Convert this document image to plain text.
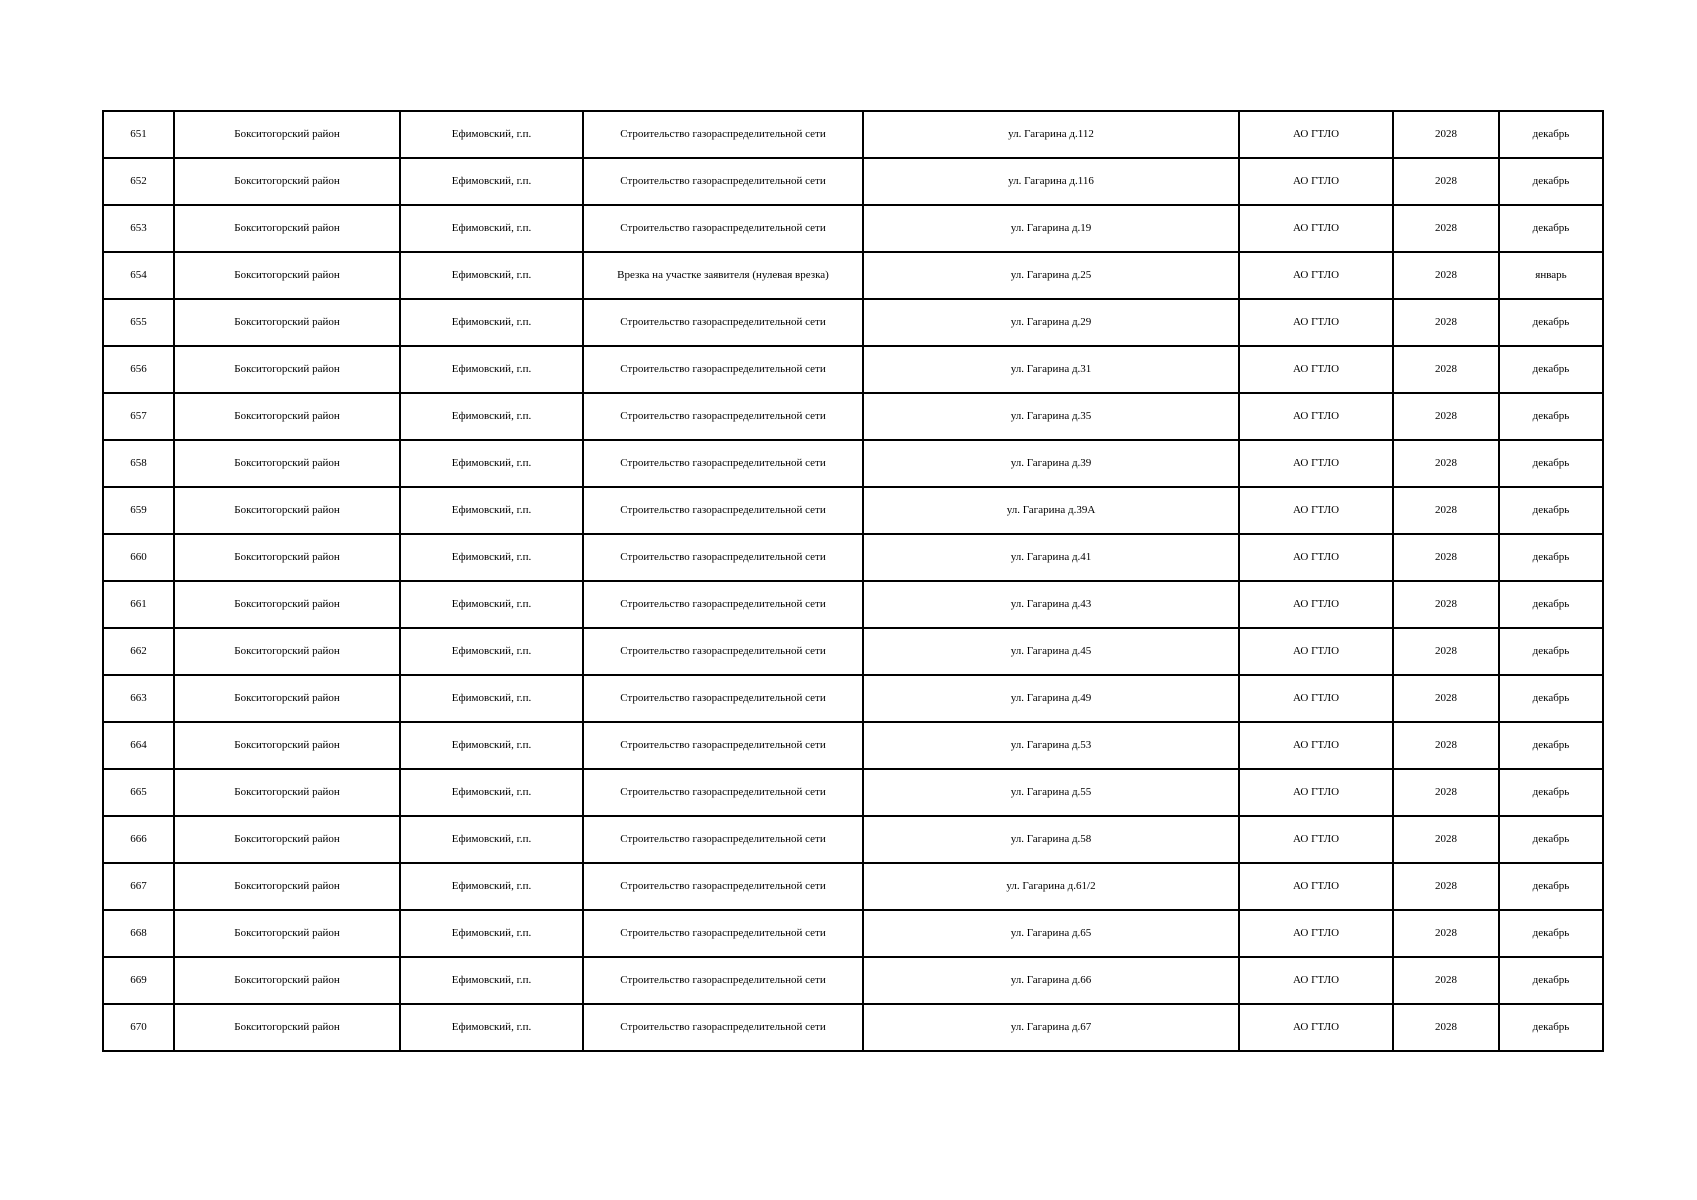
651	Бокситогорский район	Ефимовский, г.п.	Строительство газораспределительной сети	ул. Гагарина д.112	АО ГТЛО	2028	декабрь
652	Бокситогорский район	Ефимовский, г.п.	Строительство газораспределительной сети	ул. Гагарина д.116	АО ГТЛО	2028	декабрь
653	Бокситогорский район	Ефимовский, г.п.	Строительство газораспределительной сети	ул. Гагарина д.19	АО ГТЛО	2028	декабрь
654	Бокситогорский район	Ефимовский, г.п.	Врезка на участке заявителя (нулевая врезка)	ул. Гагарина д.25	АО ГТЛО	2028	январь
655	Бокситогорский район	Ефимовский, г.п.	Строительство газораспределительной сети	ул. Гагарина д.29	АО ГТЛО	2028	декабрь
656	Бокситогорский район	Ефимовский, г.п.	Строительство газораспределительной сети	ул. Гагарина д.31	АО ГТЛО	2028	декабрь
657	Бокситогорский район	Ефимовский, г.п.	Строительство газораспределительной сети	ул. Гагарина д.35	АО ГТЛО	2028	декабрь
658	Бокситогорский район	Ефимовский, г.п.	Строительство газораспределительной сети	ул. Гагарина д.39	АО ГТЛО	2028	декабрь
659	Бокситогорский район	Ефимовский, г.п.	Строительство газораспределительной сети	ул. Гагарина д.39А	АО ГТЛО	2028	декабрь
660	Бокситогорский район	Ефимовский, г.п.	Строительство газораспределительной сети	ул. Гагарина д.41	АО ГТЛО	2028	декабрь
661	Бокситогорский район	Ефимовский, г.п.	Строительство газораспределительной сети	ул. Гагарина д.43	АО ГТЛО	2028	декабрь
662	Бокситогорский район	Ефимовский, г.п.	Строительство газораспределительной сети	ул. Гагарина д.45	АО ГТЛО	2028	декабрь
663	Бокситогорский район	Ефимовский, г.п.	Строительство газораспределительной сети	ул. Гагарина д.49	АО ГТЛО	2028	декабрь
664	Бокситогорский район	Ефимовский, г.п.	Строительство газораспределительной сети	ул. Гагарина д.53	АО ГТЛО	2028	декабрь
665	Бокситогорский район	Ефимовский, г.п.	Строительство газораспределительной сети	ул. Гагарина д.55	АО ГТЛО	2028	декабрь
666	Бокситогорский район	Ефимовский, г.п.	Строительство газораспределительной сети	ул. Гагарина д.58	АО ГТЛО	2028	декабрь
667	Бокситогорский район	Ефимовский, г.п.	Строительство газораспределительной сети	ул. Гагарина д.61/2	АО ГТЛО	2028	декабрь
668	Бокситогорский район	Ефимовский, г.п.	Строительство газораспределительной сети	ул. Гагарина д.65	АО ГТЛО	2028	декабрь
669	Бокситогорский район	Ефимовский, г.п.	Строительство газораспределительной сети	ул. Гагарина д.66	АО ГТЛО	2028	декабрь
670	Бокситогорский район	Ефимовский, г.п.	Строительство газораспределительной сети	ул. Гагарина д.67	АО ГТЛО	2028	декабрь
